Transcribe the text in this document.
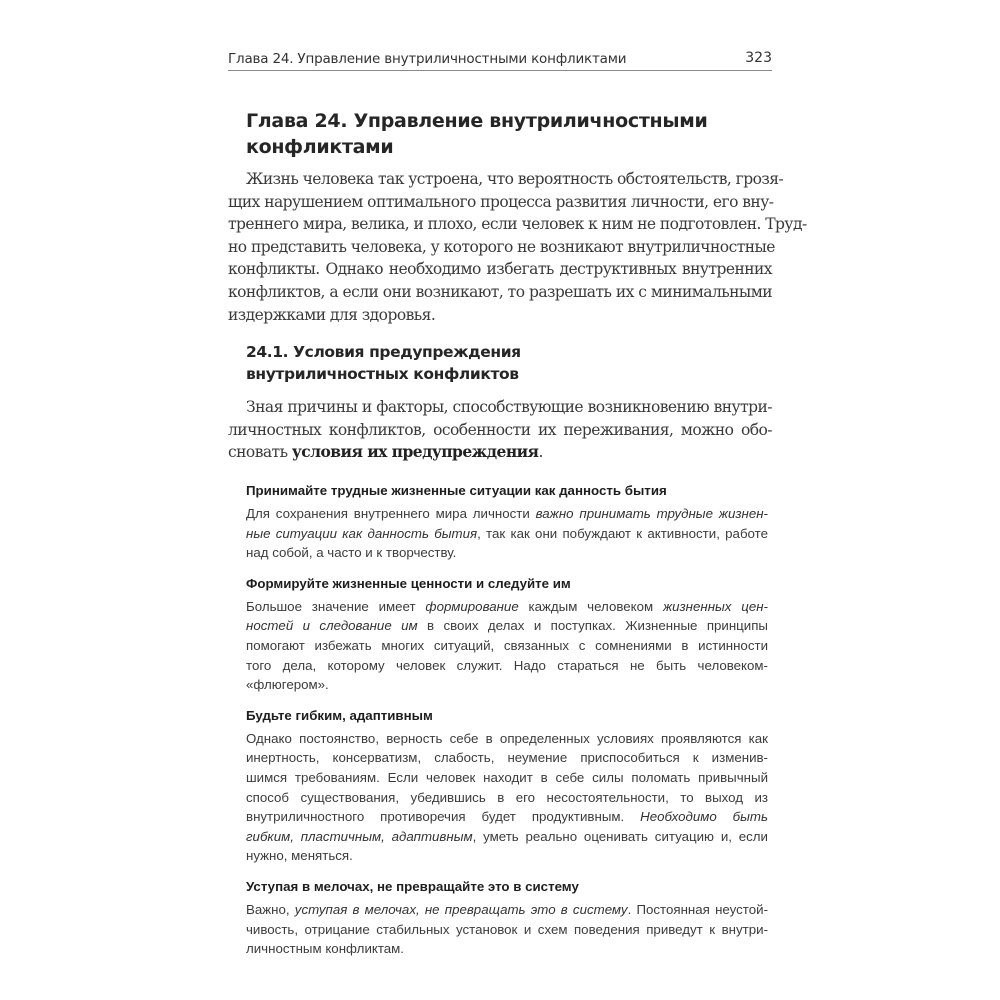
Глава 24. Управление внутриличностными конфликтами	323
Глава 24. Управление внутриличностными
конфликтами
Жизнь человека так устроена, что вероятность обстоятельств, грозя-
щих нарушением оптимального процесса развития личности, его вну-
треннего мира, велика, и плохо, если человек к ним не подготовлен. Труд-
но представить человека, у которого не возникают внутриличностные
конфликты. Однако необходимо избегать деструктивных внутренних
конфликтов, а если они возникают, то разрешать их с минимальными
издержками для здоровья.
24.1. Условия предупреждения
внутриличностных конфликтов
Зная причины и факторы, способствующие возникновению внутри-
личностных конфликтов, особенности их переживания, можно обо-
сновать условия их предупреждения.
Принимайте трудные жизненные ситуации как данность бытия
Для сохранения внутреннего мира личности важно принимать трудные жизнен-
ные ситуации как данность бытия, так как они побуждают к активности, работе
над собой, а часто и к творчеству.
Формируйте жизненные ценности и следуйте им
Большое значение имеет формирование каждым человеком жизненных цен-
ностей и следование им в своих делах и поступках. Жизненные принципы
помогают избежать многих ситуаций, связанных с сомнениями в истинности
того дела, которому человек служит. Надо стараться не быть человеком-
«флюгером».
Будьте гибким, адаптивным
Однако постоянство, верность себе в определенных условиях проявляются как
инертность, консерватизм, слабость, неумение приспособиться к изменив-
шимся требованиям. Если человек находит в себе силы поломать привычный
способ существования, убедившись в его несостоятельности, то выход из
внутриличностного противоречия будет продуктивным. Необходимо быть
гибким, пластичным, адаптивным, уметь реально оценивать ситуацию и, если
нужно, меняться.
Уступая в мелочах, не превращайте это в систему
Важно, уступая в мелочах, не превращать это в систему. Постоянная неустой-
чивость, отрицание стабильных установок и схем поведения приведут к внутри-
личностным конфликтам.
